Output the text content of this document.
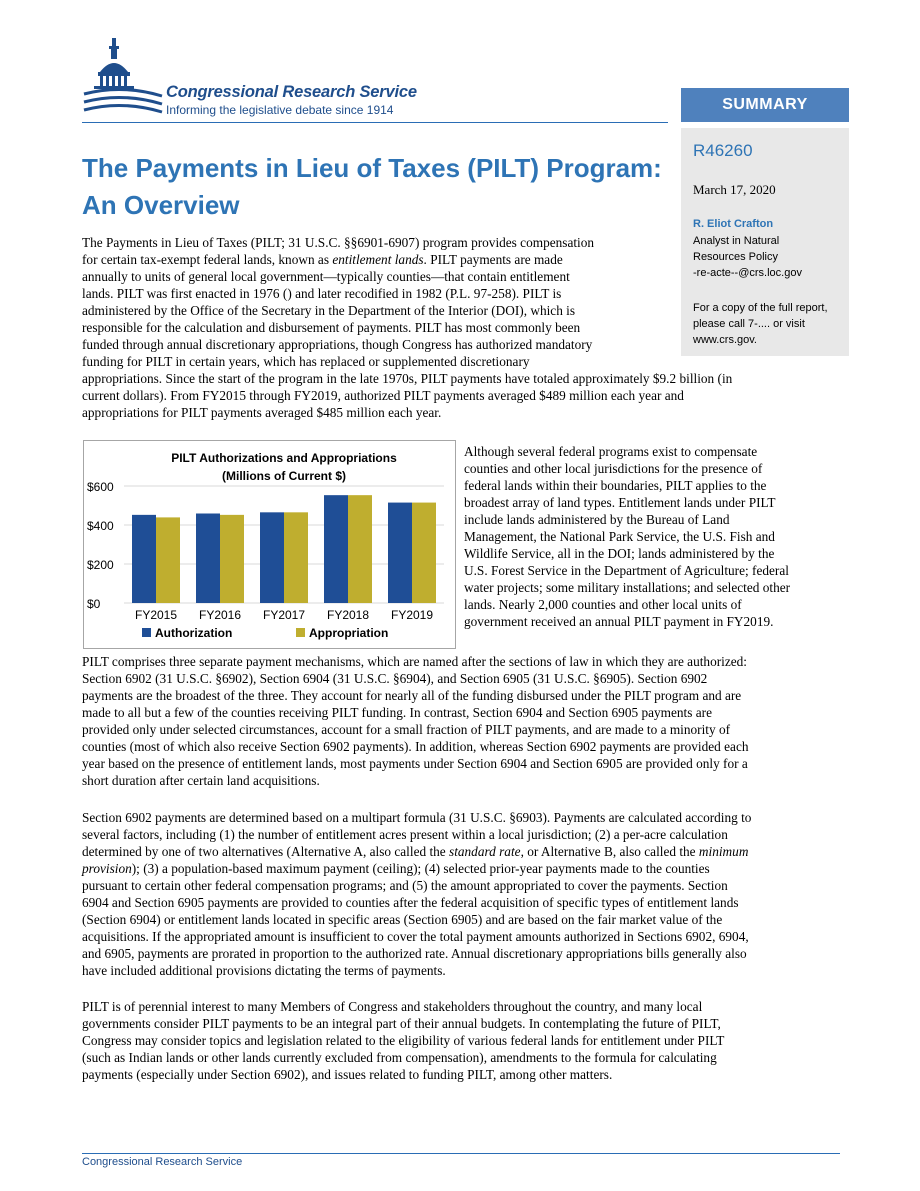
Congressional Research Service
Informing the legislative debate since 1914	SUMMARY
R46260
March 17, 2020
R. Eliot Crafton
Analyst in Natural
Resources Policy
-re-acte--@crs.loc.gov
For a copy of the full report,
please call 7-.... or visit
www.crs.gov.
The Payments in Lieu of Taxes (PILT) Program:
An Overview

The Payments in Lieu of Taxes (PILT; 31 U.S.C. §§6901-6907) program provides compensation

for certain tax-exempt federal lands, known as entitlement lands. PILT payments are made

annually to units of general local government—typically counties—that contain entitlement

lands. PILT was first enacted in 1976 () and later recodified in 1982 (P.L. 97-258). PILT is

administered by the Office of the Secretary in the Department of the Interior (DOI), which is

responsible for the calculation and disbursement of payments. PILT has most commonly been

funded through annual discretionary appropriations, though Congress has authorized mandatory

funding for PILT in certain years, which has replaced or supplemented discretionary

appropriations. Since the start of the program in the late 1970s, PILT payments have totaled approximately $9.2 billion (in

current dollars). From FY2015 through FY2019, authorized PILT payments averaged $489 million each year and

appropriations for PILT payments averaged $485 million each year.

PILT Authorizations and Appropriations
(Millions of Current $)
$0
$200
$400
$600
FY2015 FY2016 FY2017 FY2018 FY2019
Authorization	Appropriation

Although several federal programs exist to compensate

counties and other local jurisdictions for the presence of

federal lands within their boundaries, PILT applies to the

broadest array of land types. Entitlement lands under PILT

include lands administered by the Bureau of Land

Management, the National Park Service, the U.S. Fish and

Wildlife Service, all in the DOI; lands administered by the

U.S. Forest Service in the Department of Agriculture; federal

water projects; some military installations; and selected other

lands. Nearly 2,000 counties and other local units of

government received an annual PILT payment in FY2019.

PILT comprises three separate payment mechanisms, which are named after the sections of law in which they are authorized:

Section 6902 (31 U.S.C. §6902), Section 6904 (31 U.S.C. §6904), and Section 6905 (31 U.S.C. §6905). Section 6902

payments are the broadest of the three. They account for nearly all of the funding disbursed under the PILT program and are

made to all but a few of the counties receiving PILT funding. In contrast, Section 6904 and Section 6905 payments are

provided only under selected circumstances, account for a small fraction of PILT payments, and are made to a minority of

counties (most of which also receive Section 6902 payments). In addition, whereas Section 6902 payments are provided each

year based on the presence of entitlement lands, most payments under Section 6904 and Section 6905 are provided only for a

short duration after certain land acquisitions.

Section 6902 payments are determined based on a multipart formula (31 U.S.C. §6903). Payments are calculated according to

several factors, including (1) the number of entitlement acres present within a local jurisdiction; (2) a per-acre calculation

determined by one of two alternatives (Alternative A, also called the standard rate, or Alternative B, also called the minimum

provision); (3) a population-based maximum payment (ceiling); (4) selected prior-year payments made to the counties

pursuant to certain other federal compensation programs; and (5) the amount appropriated to cover the payments. Section

6904 and Section 6905 payments are provided to counties after the federal acquisition of specific types of entitlement lands

(Section 6904) or entitlement lands located in specific areas (Section 6905) and are based on the fair market value of the

acquisitions. If the appropriated amount is insufficient to cover the total payment amounts authorized in Sections 6902, 6904,

and 6905, payments are prorated in proportion to the authorized rate. Annual discretionary appropriations bills generally also

have included additional provisions dictating the terms of payments.

PILT is of perennial interest to many Members of Congress and stakeholders throughout the country, and many local

governments consider PILT payments to be an integral part of their annual budgets. In contemplating the future of PILT,

Congress may consider topics and legislation related to the eligibility of various federal lands for entitlement under PILT

(such as Indian lands or other lands currently excluded from compensation), amendments to the formula for calculating

payments (especially under Section 6902), and issues related to funding PILT, among other matters.

Congressional Research Service
